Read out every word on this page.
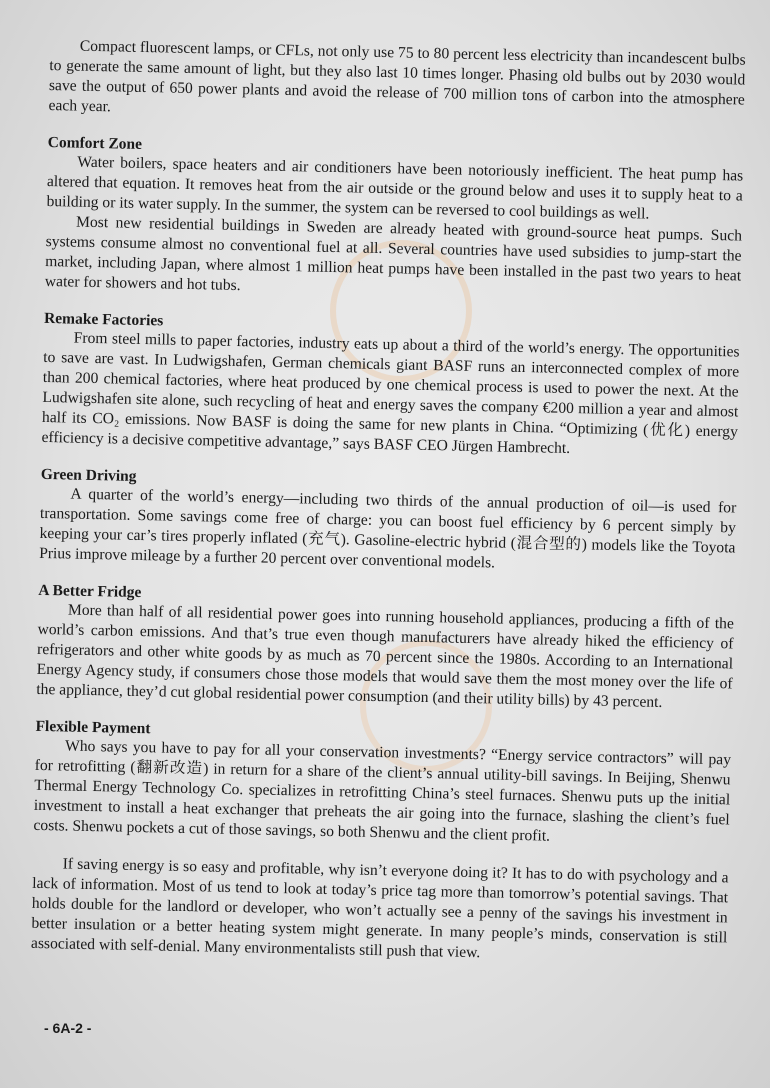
Compact fluorescent lamps, or CFLs, not only use 75 to 80 percent less electricity than incandescent bulbs to generate the same amount of light, but they also last 10 times longer. Phasing old bulbs out by 2030 would save the output of 650 power plants and avoid the release of 700 million tons of carbon into the atmosphere each year.

Comfort Zone

Water boilers, space heaters and air conditioners have been notoriously inefficient. The heat pump has altered that equation. It removes heat from the air outside or the ground below and uses it to supply heat to a building or its water supply. In the summer, the system can be reversed to cool buildings as well.

Most new residential buildings in Sweden are already heated with ground-source heat pumps. Such systems consume almost no conventional fuel at all. Several countries have used subsidies to jump-start the market, including Japan, where almost 1 million heat pumps have been installed in the past two years to heat water for showers and hot tubs.

Remake Factories

From steel mills to paper factories, industry eats up about a third of the world’s energy. The opportunities to save are vast. In Ludwigshafen, German chemicals giant BASF runs an interconnected complex of more than 200 chemical factories, where heat produced by one chemical process is used to power the next. At the Ludwigshafen site alone, such recycling of heat and energy saves the company €200 million a year and almost half its CO₂ emissions. Now BASF is doing the same for new plants in China. “Optimizing (优化) energy efficiency is a decisive competitive advantage,” says BASF CEO Jürgen Hambrecht.

Green Driving

A quarter of the world’s energy—including two thirds of the annual production of oil—is used for transportation. Some savings come free of charge: you can boost fuel efficiency by 6 percent simply by keeping your car’s tires properly inflated (充气). Gasoline-electric hybrid (混合型的) models like the Toyota Prius improve mileage by a further 20 percent over conventional models.

A Better Fridge

More than half of all residential power goes into running household appliances, producing a fifth of the world’s carbon emissions. And that’s true even though manufacturers have already hiked the efficiency of refrigerators and other white goods by as much as 70 percent since the 1980s. According to an International Energy Agency study, if consumers chose those models that would save them the most money over the life of the appliance, they’d cut global residential power consumption (and their utility bills) by 43 percent.

Flexible Payment

Who says you have to pay for all your conservation investments? “Energy service contractors” will pay for retrofitting (翻新改造) in return for a share of the client’s annual utility-bill savings. In Beijing, Shenwu Thermal Energy Technology Co. specializes in retrofitting China’s steel furnaces. Shenwu puts up the initial investment to install a heat exchanger that preheats the air going into the furnace, slashing the client’s fuel costs. Shenwu pockets a cut of those savings, so both Shenwu and the client profit.

If saving energy is so easy and profitable, why isn’t everyone doing it? It has to do with psychology and a lack of information. Most of us tend to look at today’s price tag more than tomorrow’s potential savings. That holds double for the landlord or developer, who won’t actually see a penny of the savings his investment in better insulation or a better heating system might generate. In many people’s minds, conservation is still associated with self-denial. Many environmentalists still push that view.

- 6A-2 -
